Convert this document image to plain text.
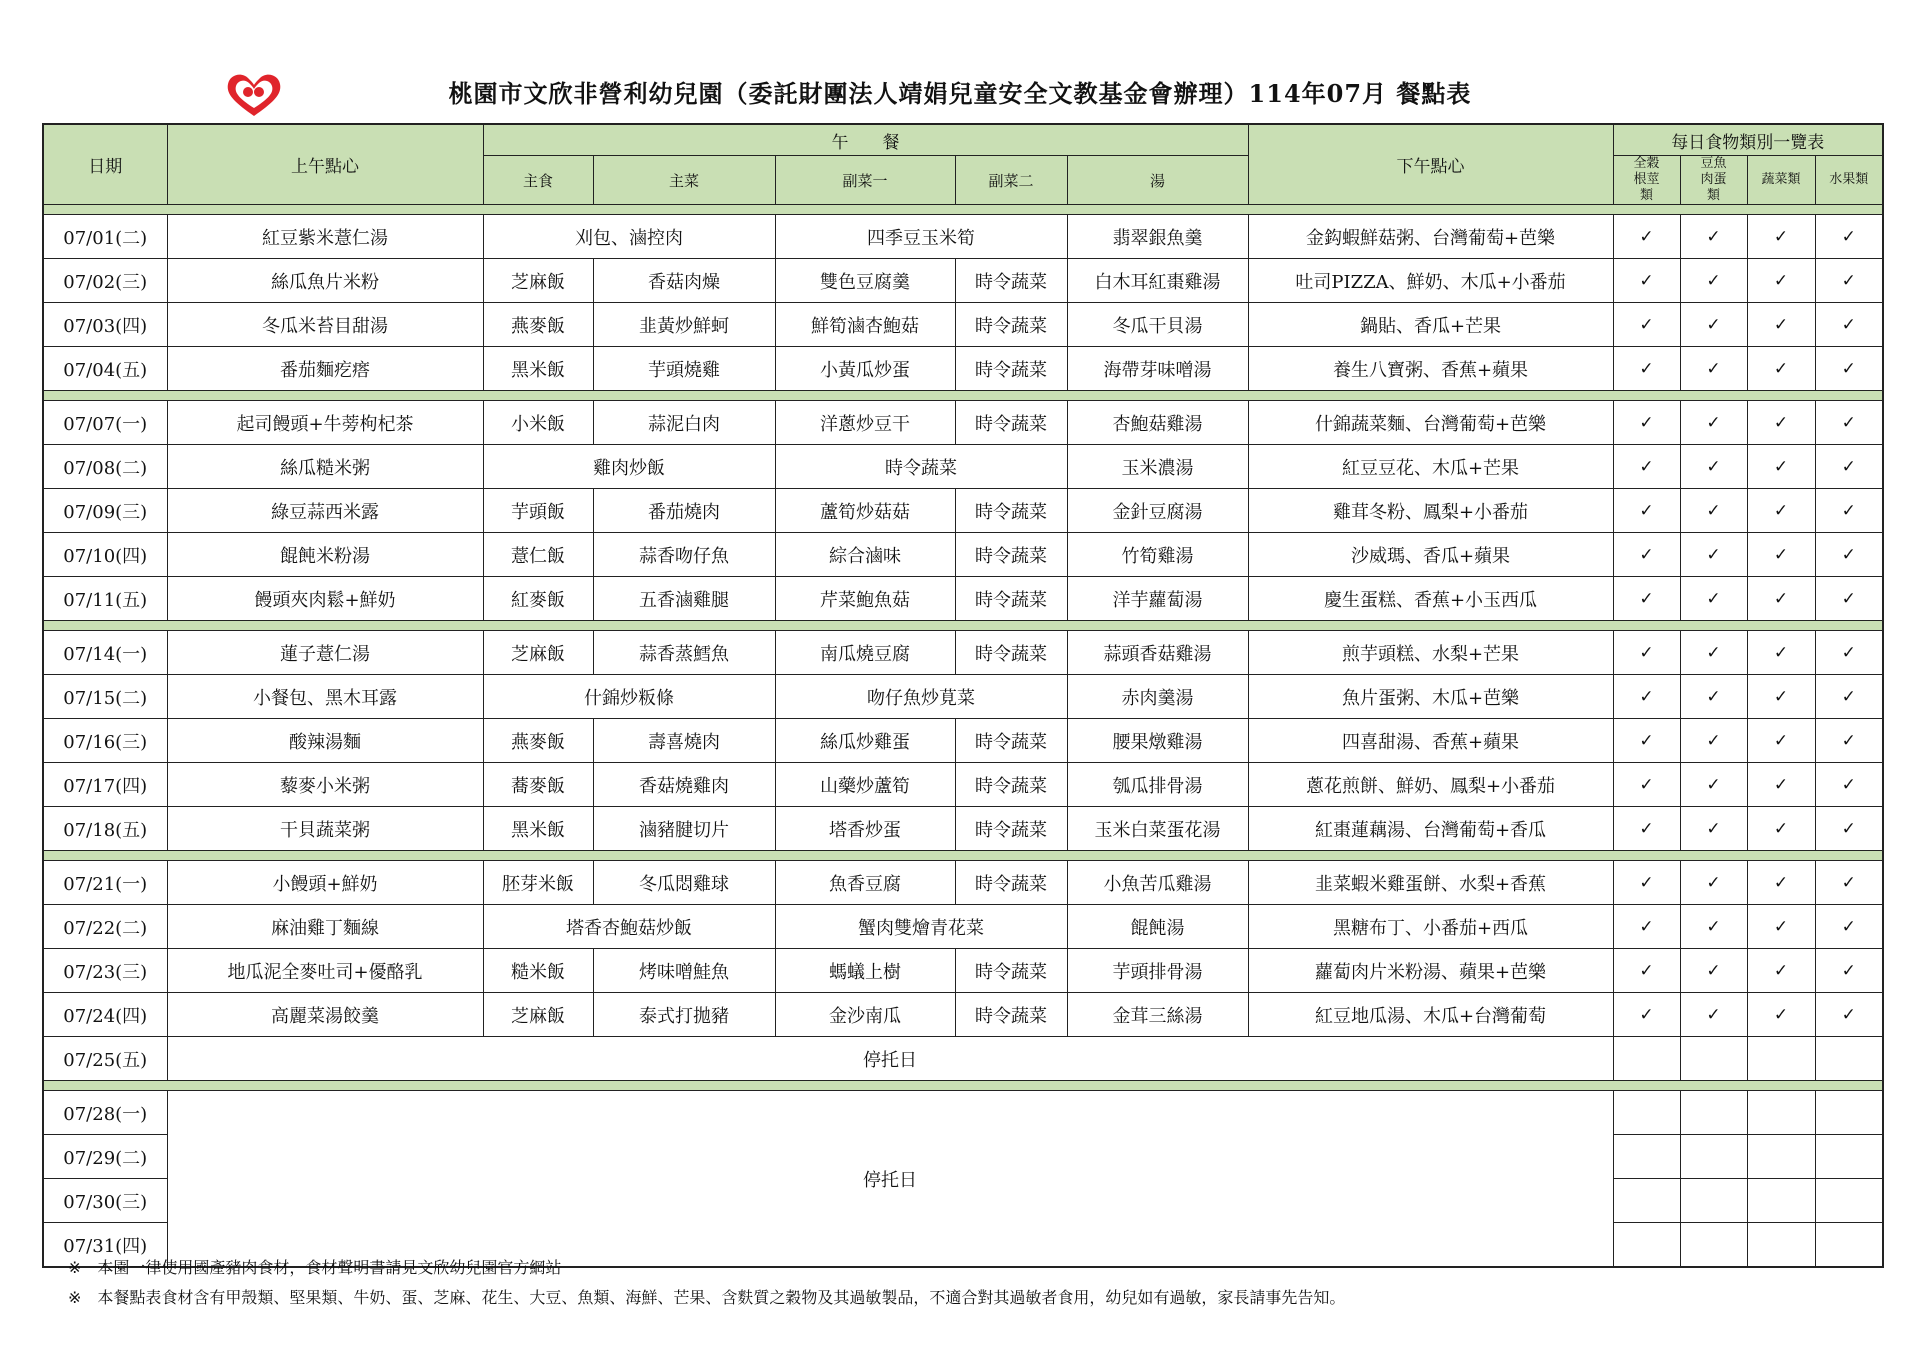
桃園市文欣非營利幼兒園（委託財團法人靖娟兒童安全文教基金會辦理）114年07月 餐點表
日期	上午點心	午　　餐					下午點心	每日食物類別一覽表			
		主食	主菜	副菜一	副菜二	湯		全穀根莖類	豆魚肉蛋類	蔬菜類	水果類

07/01(二)	紅豆紫米薏仁湯	刈包、滷控肉		四季豆玉米筍		翡翠銀魚羹	金鈎蝦鮮菇粥、台灣葡萄+芭樂	✓	✓	✓	✓
07/02(三)	絲瓜魚片米粉	芝麻飯	香菇肉燥	雙色豆腐羹	時令蔬菜	白木耳紅棗雞湯	吐司PIZZA、鮮奶、木瓜+小番茄	✓	✓	✓	✓
07/03(四)	冬瓜米苔目甜湯	燕麥飯	韭黃炒鮮蚵	鮮筍滷杏鮑菇	時令蔬菜	冬瓜干貝湯	鍋貼、香瓜+芒果	✓	✓	✓	✓
07/04(五)	番茄麵疙瘩	黑米飯	芋頭燒雞	小黃瓜炒蛋	時令蔬菜	海帶芽味噌湯	養生八寶粥、香蕉+蘋果	✓	✓	✓	✓

07/07(一)	起司饅頭+牛蒡枸杞茶	小米飯	蒜泥白肉	洋蔥炒豆干	時令蔬菜	杏鮑菇雞湯	什錦蔬菜麵、台灣葡萄+芭樂	✓	✓	✓	✓
07/08(二)	絲瓜糙米粥	雞肉炒飯		時令蔬菜		玉米濃湯	紅豆豆花、木瓜+芒果	✓	✓	✓	✓
07/09(三)	綠豆蒜西米露	芋頭飯	番茄燒肉	蘆筍炒菇菇	時令蔬菜	金針豆腐湯	雞茸冬粉、鳳梨+小番茄	✓	✓	✓	✓
07/10(四)	餛飩米粉湯	薏仁飯	蒜香吻仔魚	綜合滷味	時令蔬菜	竹筍雞湯	沙威瑪、香瓜+蘋果	✓	✓	✓	✓
07/11(五)	饅頭夾肉鬆+鮮奶	紅麥飯	五香滷雞腿	芹菜鮑魚菇	時令蔬菜	洋芋蘿蔔湯	慶生蛋糕、香蕉+小玉西瓜	✓	✓	✓	✓

07/14(一)	蓮子薏仁湯	芝麻飯	蒜香蒸鱈魚	南瓜燒豆腐	時令蔬菜	蒜頭香菇雞湯	煎芋頭糕、水梨+芒果	✓	✓	✓	✓
07/15(二)	小餐包、黑木耳露	什錦炒粄條		吻仔魚炒莧菜		赤肉羹湯	魚片蛋粥、木瓜+芭樂	✓	✓	✓	✓
07/16(三)	酸辣湯麵	燕麥飯	壽喜燒肉	絲瓜炒雞蛋	時令蔬菜	腰果燉雞湯	四喜甜湯、香蕉+蘋果	✓	✓	✓	✓
07/17(四)	藜麥小米粥	蕎麥飯	香菇燒雞肉	山藥炒蘆筍	時令蔬菜	瓠瓜排骨湯	蔥花煎餅、鮮奶、鳳梨+小番茄	✓	✓	✓	✓
07/18(五)	干貝蔬菜粥	黑米飯	滷豬腱切片	塔香炒蛋	時令蔬菜	玉米白菜蛋花湯	紅棗蓮藕湯、台灣葡萄+香瓜	✓	✓	✓	✓

07/21(一)	小饅頭+鮮奶	胚芽米飯	冬瓜悶雞球	魚香豆腐	時令蔬菜	小魚苦瓜雞湯	韭菜蝦米雞蛋餅、水梨+香蕉	✓	✓	✓	✓
07/22(二)	麻油雞丁麵線	塔香杏鮑菇炒飯		蟹肉雙燴青花菜		餛飩湯	黑糖布丁、小番茄+西瓜	✓	✓	✓	✓
07/23(三)	地瓜泥全麥吐司+優酪乳	糙米飯	烤味噌鮭魚	螞蟻上樹	時令蔬菜	芋頭排骨湯	蘿蔔肉片米粉湯、蘋果+芭樂	✓	✓	✓	✓
07/24(四)	高麗菜湯餃羹	芝麻飯	泰式打拋豬	金沙南瓜	時令蔬菜	金茸三絲湯	紅豆地瓜湯、木瓜+台灣葡萄	✓	✓	✓	✓
07/25(五)	停托日										

07/28(一)	停托日										
07/29(二)											
07/30(三)											
07/31(四)											
※　本園一律使用國產豬肉食材，食材聲明書請見文欣幼兒園官方網站
※　本餐點表食材含有甲殼類、堅果類、牛奶、蛋、芝麻、花生、大豆、魚類、海鮮、芒果、含麩質之穀物及其過敏製品，不適合對其過敏者食用，幼兒如有過敏，家長請事先告知。
